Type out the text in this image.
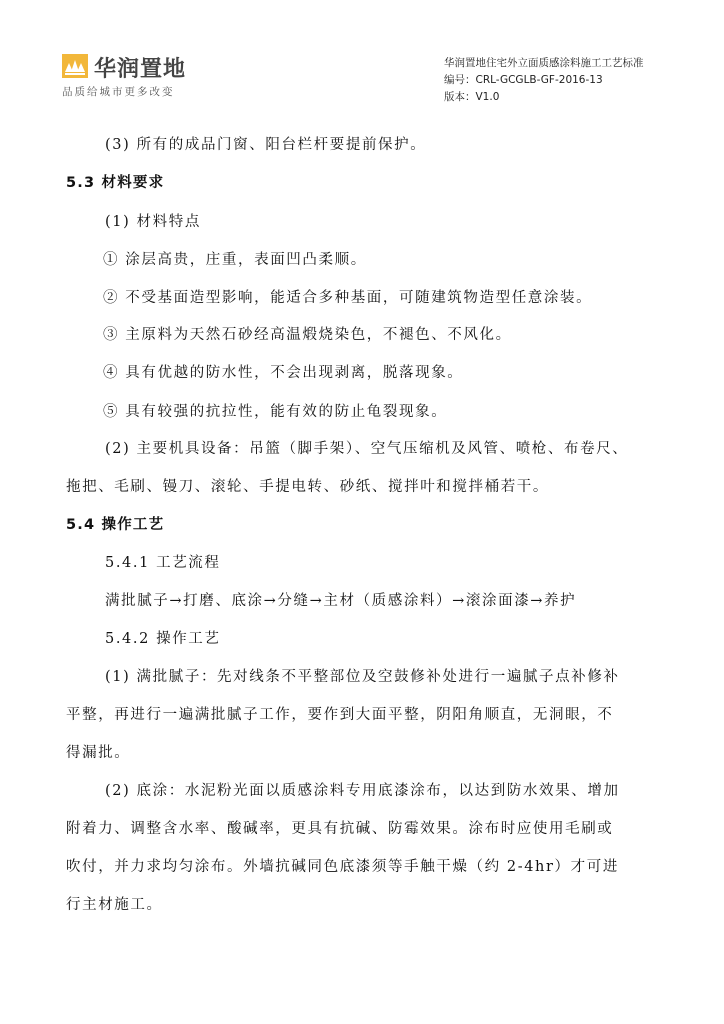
华润置地
品质给城市更多改变
华润置地住宅外立面质感涂料施工工艺标准
编号：CRL-GCGLB-GF-2016-13
版本：V1.0
(3) 所有的成品门窗、阳台栏杆要提前保护。
5.3 材料要求
(1) 材料特点
① 涂层高贵，庄重，表面凹凸柔顺。
② 不受基面造型影响，能适合多种基面，可随建筑物造型任意涂装。
③ 主原料为天然石砂经高温煅烧染色，不褪色、不风化。
④ 具有优越的防水性，不会出现剥离，脱落现象。
⑤ 具有较强的抗拉性，能有效的防止龟裂现象。
(2) 主要机具设备：吊篮（脚手架）、空气压缩机及风管、喷枪、布卷尺、
拖把、毛刷、镘刀、滚轮、手提电转、砂纸、搅拌叶和搅拌桶若干。
5.4 操作工艺
5.4.1 工艺流程
满批腻子→打磨、底涂→分缝→主材（质感涂料）→滚涂面漆→养护
5.4.2 操作工艺
(1) 满批腻子：先对线条不平整部位及空鼓修补处进行一遍腻子点补修补
平整，再进行一遍满批腻子工作，要作到大面平整，阴阳角顺直，无洞眼，不
得漏批。
(2) 底涂：水泥粉光面以质感涂料专用底漆涂布，以达到防水效果、增加
附着力、调整含水率、酸碱率，更具有抗碱、防霉效果。涂布时应使用毛刷或
吹付，并力求均匀涂布。外墙抗碱同色底漆须等手触干燥（约 2-4hr）才可进
行主材施工。
